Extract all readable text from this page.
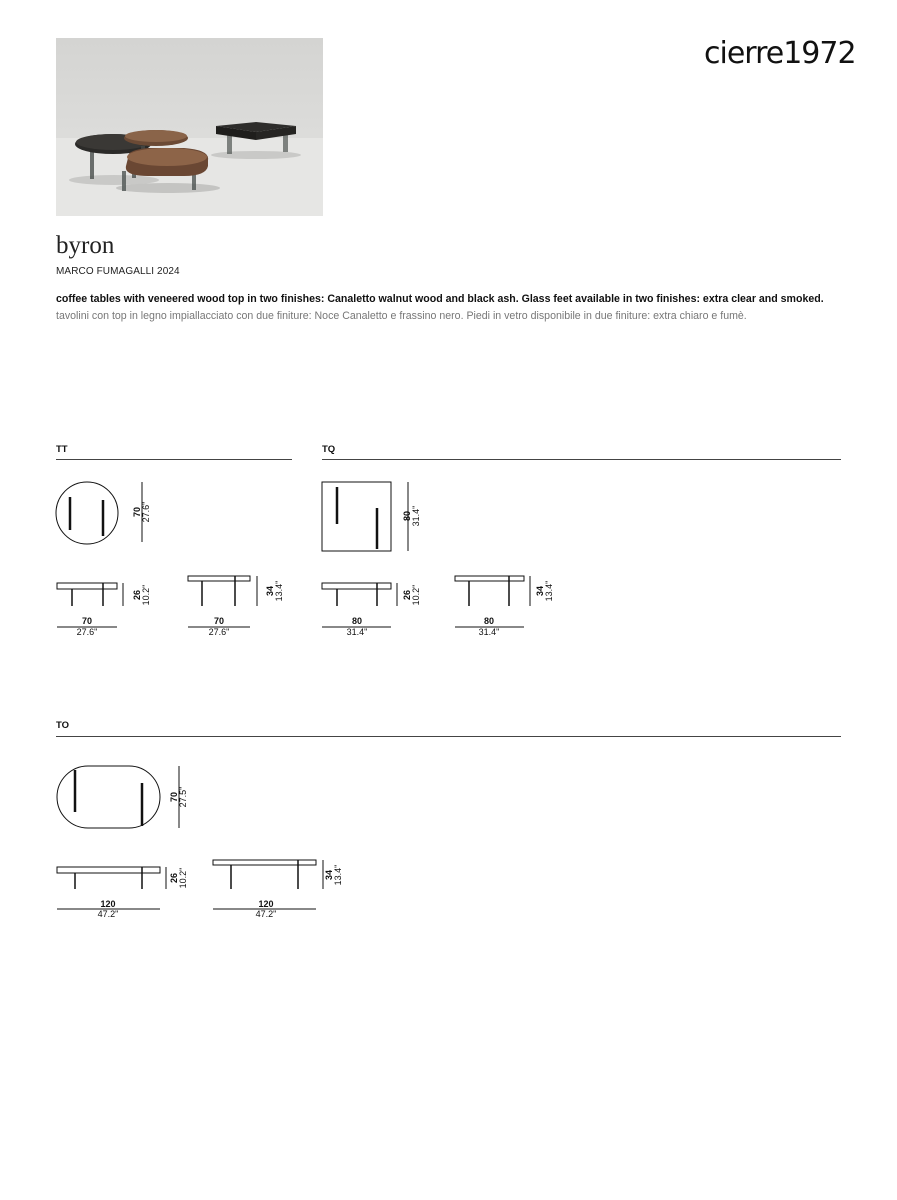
cierre1972
byron
MARCO FUMAGALLI 2024
coffee tables with veneered wood top in two finishes: Canaletto walnut wood and black ash. Glass feet available in two finishes: extra clear and smoked.
tavolini con top in legno impiallacciato con due finiture: Noce Canaletto e frassino nero. Piedi in vetro disponibile in due finiture: extra chiaro e fumè.
TT	TQ
TO
70 27.6"
70
27.6"
26 10.2"
70
27.6"
34 13.4"
80 31.4"
80
31.4"
26 10.2"
80
31.4"
34 13.4"
70 27.5"
120
47.2"
26 10.2"
120
47.2"
34 13.4"
